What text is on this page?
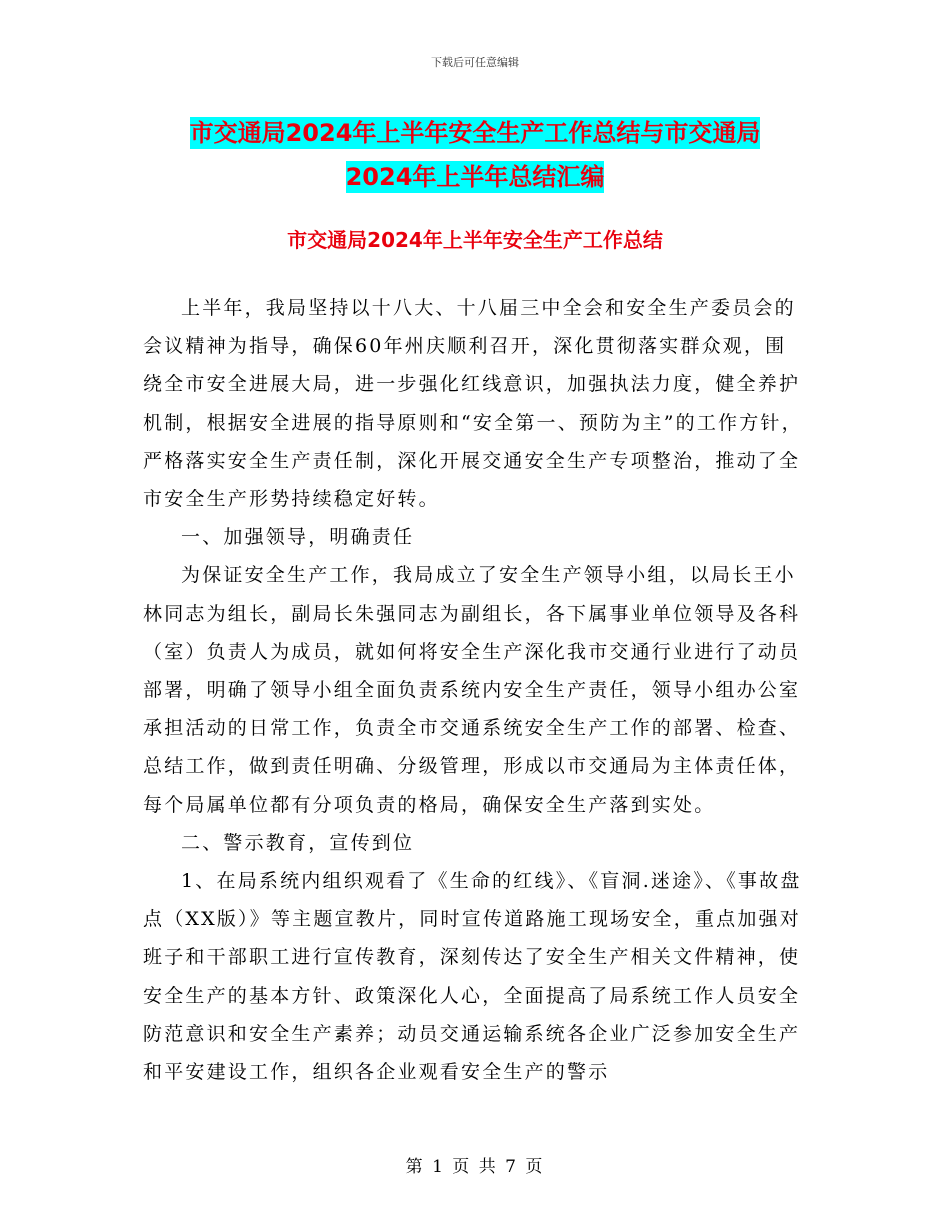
下载后可任意编辑
市交通局2024年上半年安全生产工作总结与市交通局
2024年上半年总结汇编
市交通局2024年上半年安全生产工作总结

上半年，我局坚持以十八大、十八届三中全会和安全生产委员会的会议精神为指导，确保60年州庆顺利召开，深化贯彻落实群众观，围绕全市安全进展大局，进一步强化红线意识，加强执法力度，健全养护机制，根据安全进展的指导原则和“安全第一、预防为主”的工作方针，严格落实安全生产责任制，深化开展交通安全生产专项整治，推动了全市安全生产形势持续稳定好转。

一、加强领导，明确责任

为保证安全生产工作，我局成立了安全生产领导小组，以局长王小林同志为组长，副局长朱强同志为副组长，各下属事业单位领导及各科（室）负责人为成员，就如何将安全生产深化我市交通行业进行了动员部署，明确了领导小组全面负责系统内安全生产责任，领导小组办公室承担活动的日常工作，负责全市交通系统安全生产工作的部署、检查、总结工作，做到责任明确、分级管理，形成以市交通局为主体责任体，每个局属单位都有分项负责的格局，确保安全生产落到实处。

二、警示教育，宣传到位

1、在局系统内组织观看了《生命的红线》、《盲洞.迷途》、《事故盘点（XX版）》等主题宣教片，同时宣传道路施工现场安全，重点加强对班子和干部职工进行宣传教育，深刻传达了安全生产相关文件精神，使安全生产的基本方针、政策深化人心，全面提高了局系统工作人员安全防范意识和安全生产素养；动员交通运输系统各企业广泛参加安全生产和平安建设工作，组织各企业观看安全生产的警示

第 1 页 共 7 页
